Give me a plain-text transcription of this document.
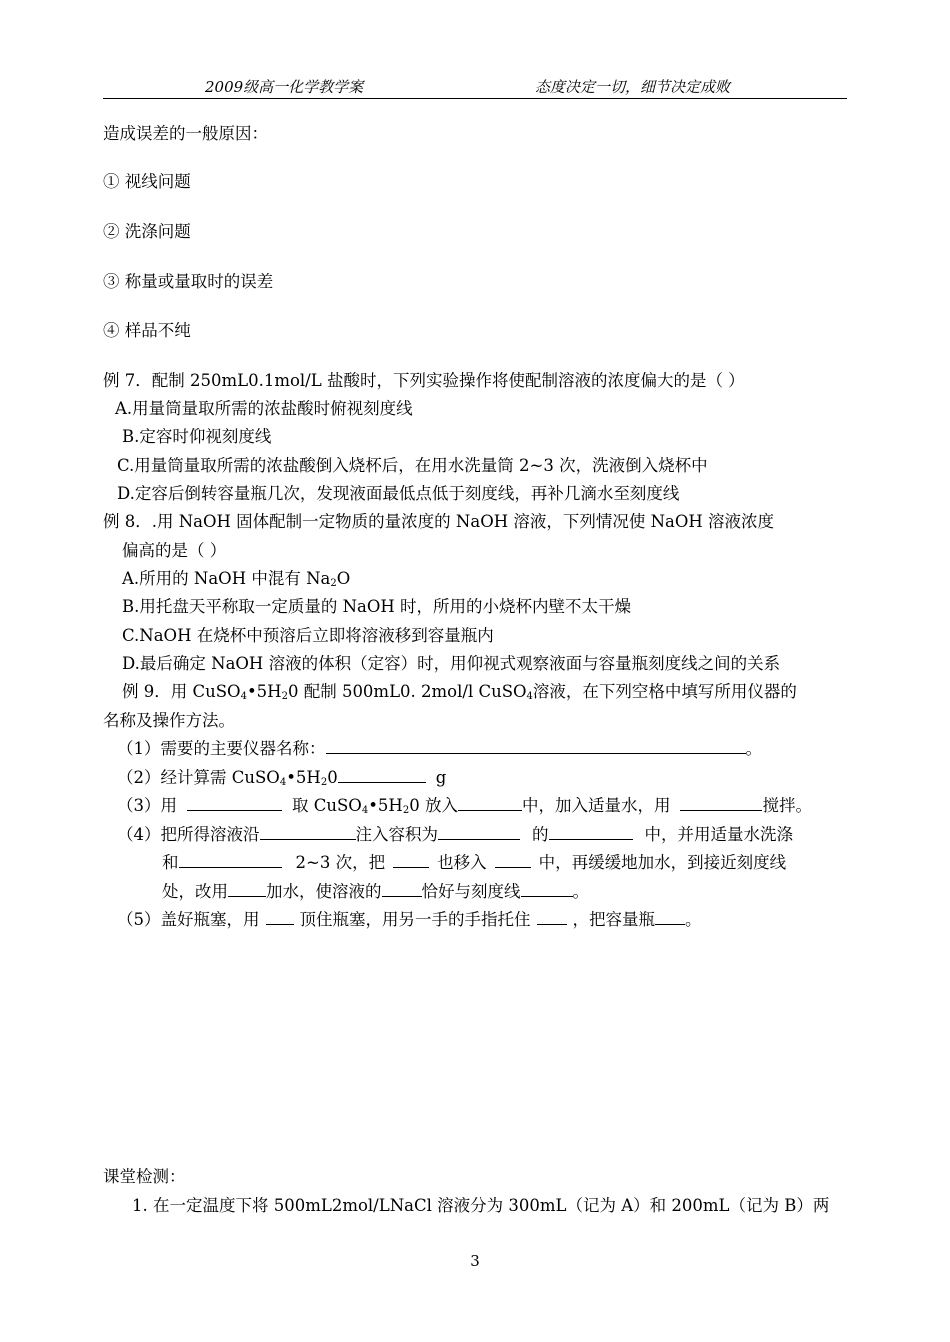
2009级高一化学教学案	态度决定一切，细节决定成败
造成误差的一般原因：
① 视线问题
② 洗涤问题
③ 称量或量取时的误差
④ 样品不纯
例 7．配制 250mL0.1mol/L 盐酸时，下列实验操作将使配制溶液的浓度偏大的是（ ）
A.用量筒量取所需的浓盐酸时俯视刻度线
B.定容时仰视刻度线
C.用量筒量取所需的浓盐酸倒入烧杯后，在用水洗量筒 2~3 次，洗液倒入烧杯中
D.定容后倒转容量瓶几次，发现液面最低点低于刻度线，再补几滴水至刻度线
例 8．.用 NaOH 固体配制一定物质的量浓度的 NaOH 溶液，下列情况使 NaOH 溶液浓度
偏高的是（ ）
A.所用的 NaOH 中混有 $Na_2O$
B.用托盘天平称取一定质量的 NaOH 时，所用的小烧杯内壁不太干燥
C.NaOH 在烧杯中预溶后立即将溶液移到容量瓶内
D.最后确定 NaOH 溶液的体积（定容）时，用仰视式观察液面与容量瓶刻度线之间的关系
例 9．用 $CuSO_4•5H_20$ 配制 500mL0. 2mol/l CuSO$_4$溶液，在下列空格中填写所用仪器的
名称及操作方法。
（1）需要的主要仪器名称：	。
（2）经计算需 $CuSO_4•5H_20$	g
（3）用	取 $CuSO_4•5H_20$ 放入	中，加入适量水，用	搅拌。
（4）把所得溶液沿	注入容积为	的	中，并用适量水洗涤
和	2~3 次，把	也移入	中，再缓缓地加水，到接近刻度线
处，改用 加水，使溶液的 恰好与刻度线	。
（5）盖好瓶塞，用 顶住瓶塞，用另一手的手指托住	，把容量瓶 。
课堂检测：
1. 在一定温度下将 500mL2mol/LNaCl 溶液分为 300mL（记为 A）和 200mL（记为 B）两
3
